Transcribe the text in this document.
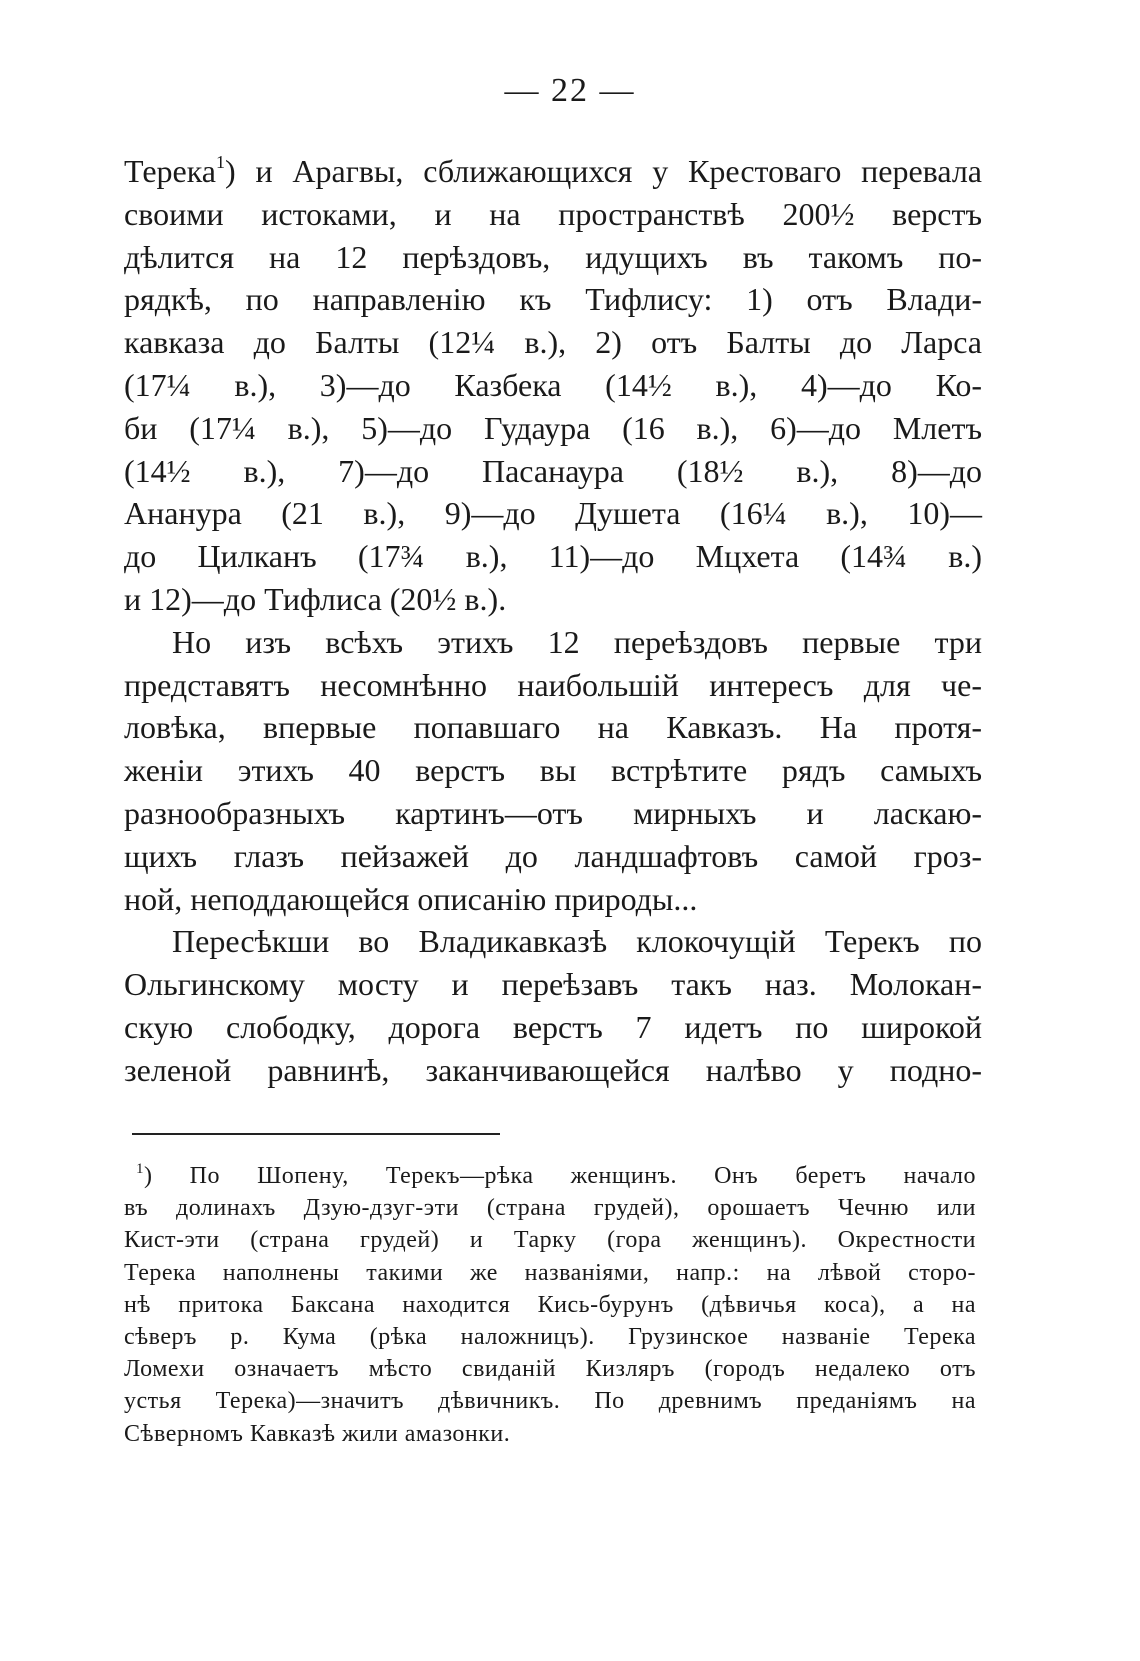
— 22 —
Терека$^1$) и Арагвы, сближающихся у Крестоваго перевала
своими истоками, и на пространствѣ 200½ верстъ
дѣлится на 12 перѣздовъ, идущихъ въ такомъ по-
рядкѣ, по направленію къ Тифлису: 1) отъ Влади-
кавказа до Балты (12¼ в.), 2) отъ Балты до Ларса
(17¼ в.), 3)—до Казбека (14½ в.), 4)—до Ко-
би (17¼ в.), 5)—до Гудаура (16 в.), 6)—до Млетъ
(14½ в.), 7)—до Пасанаура (18½ в.), 8)—до
Ананура (21 в.), 9)—до Душета (16¼ в.), 10)—
до Цилканъ (17¾ в.), 11)—до Мцхета (14¾ в.)
и 12)—до Тифлиса (20½ в.).
Но изъ всѣхъ этихъ 12 перeѣздовъ первые три
представятъ несомнѣнно наибольшій интересъ для че-
ловѣка, впервые попавшаго на Кавказъ. На протя-
женіи этихъ 40 верстъ вы встрѣтите рядъ самыхъ
разнообразныхъ картинъ—отъ мирныхъ и ласкаю-
щихъ глазъ пейзажей до ландшафтовъ самой гроз-
ной, неподдающейся описанію природы...
Пересѣкши во Владикавказѣ клокочущій Терекъ по
Ольгинскому мосту и переѣзавъ такъ наз. Молокан-
скую слободку, дорога верстъ 7 идетъ по широкой
зеленой равнинѣ, заканчивающейся налѣво у подно-
$^1$) По Шопену, Терекъ—рѣка женщинъ. Онъ беретъ начало
въ долинахъ Дзую-дзуг-эти (страна грудей), орошаетъ Чечню или
Кист-эти (страна грудей) и Тарку (гора женщинъ). Окрестности
Терека наполнены такими же названіями, напр.: на лѣвой сторо-
нѣ притока Баксана находится Кись-бурунъ (дѣвичья коса), а на
сѣверъ р. Кума (рѣка наложницъ). Грузинское названіе Терека
Ломехи означаетъ мѣсто свиданій Кизляръ (городъ недалеко отъ
устья Терека)—значитъ дѣвичникъ. По древнимъ преданіямъ на
Сѣверномъ Кавказѣ жили амазонки.
